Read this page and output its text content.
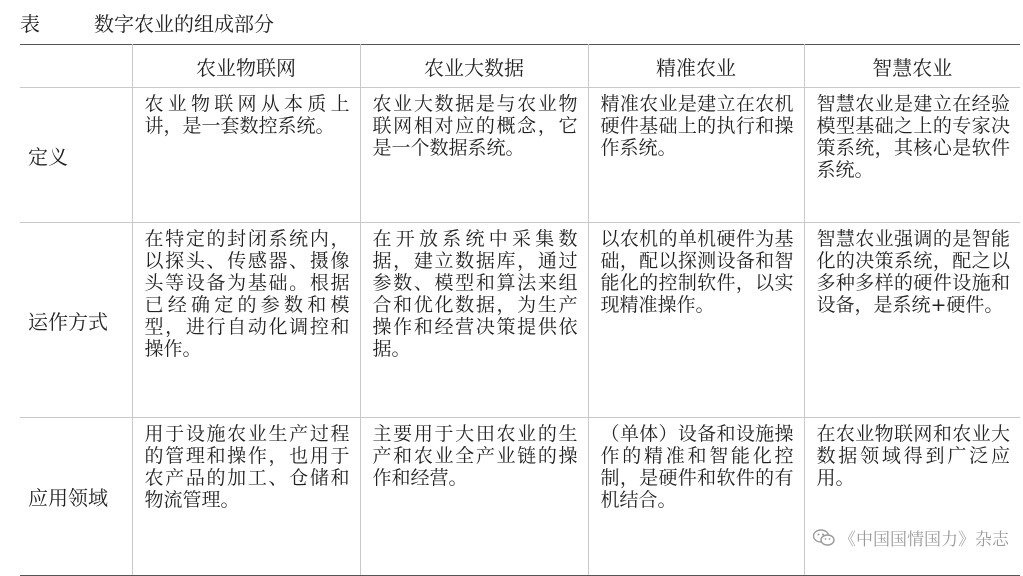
表	数字农业的组成部分
	农业物联网	农业大数据	精准农业	智慧农业
定义	农业物联网从本质上讲，是一套数控系统。	农业大数据是与农业物联网相对应的概念，它是一个数据系统。	精准农业是建立在农机硬件基础上的执行和操作系统。	智慧农业是建立在经验模型基础之上的专家决策系统，其核心是软件系统。
运作方式	在特定的封闭系统内，以探头、传感器、摄像头等设备为基础。根据已经确定的参数和模型，进行自动化调控和操作。	在开放系统中采集数据，建立数据库，通过参数、模型和算法来组合和优化数据，为生产操作和经营决策提供依据。	以农机的单机硬件为基础，配以探测设备和智能化的控制软件，以实现精准操作。	智慧农业强调的是智能化的决策系统，配之以多种多样的硬件设施和设备，是系统+硬件。
应用领域	用于设施农业生产过程的管理和操作，也用于农产品的加工、仓储和物流管理。	主要用于大田农业的生产和农业全产业链的操作和经营。	（单体）设备和设施操作的精准和智能化控制，是硬件和软件的有机结合。	在农业物联网和农业大数据领域得到广泛应用。
《中国国情国力》杂志
